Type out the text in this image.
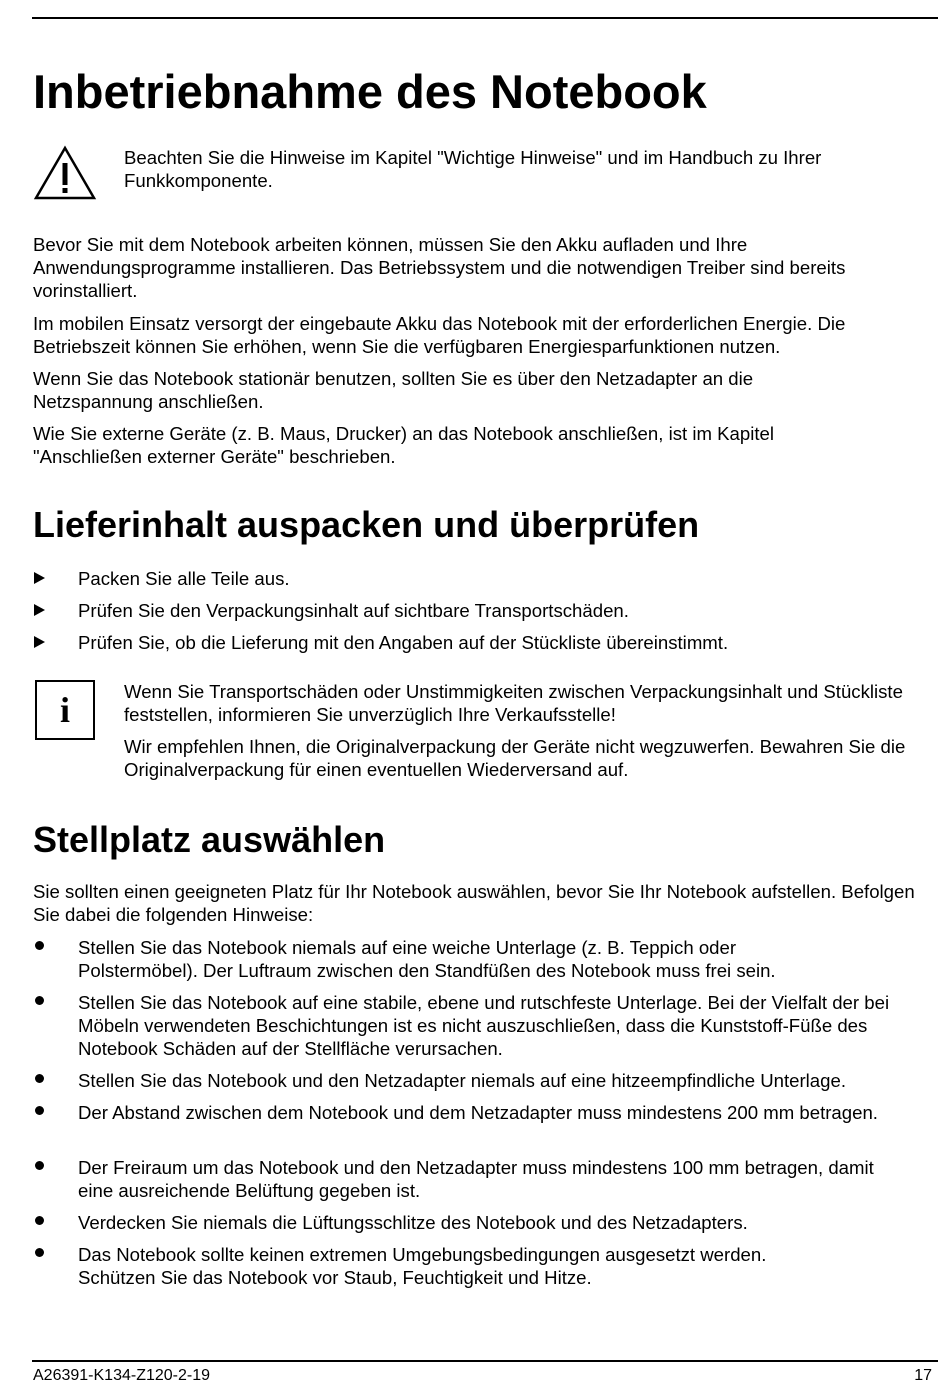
Inbetriebnahme des Notebook
Beachten Sie die Hinweise im Kapitel "Wichtige Hinweise" und im Handbuch zu Ihrer Funkkomponente.
Bevor Sie mit dem Notebook arbeiten können, müssen Sie den Akku aufladen und Ihre Anwendungsprogramme installieren. Das Betriebssystem und die notwendigen Treiber sind bereits vorinstalliert.
Im mobilen Einsatz versorgt der eingebaute Akku das Notebook mit der erforderlichen Energie. Die Betriebszeit können Sie erhöhen, wenn Sie die verfügbaren Energiesparfunktionen nutzen.
Wenn Sie das Notebook stationär benutzen, sollten Sie es über den Netzadapter an die Netzspannung anschließen.
Wie Sie externe Geräte (z. B. Maus, Drucker) an das Notebook anschließen, ist im Kapitel "Anschließen externer Geräte" beschrieben.
Lieferinhalt auspacken und überprüfen
Packen Sie alle Teile aus.
Prüfen Sie den Verpackungsinhalt auf sichtbare Transportschäden.
Prüfen Sie, ob die Lieferung mit den Angaben auf der Stückliste übereinstimmt.
i	Wenn Sie Transportschäden oder Unstimmigkeiten zwischen Verpackungsinhalt und Stückliste feststellen, informieren Sie unverzüglich Ihre Verkaufsstelle!
Wir empfehlen Ihnen, die Originalverpackung der Geräte nicht wegzuwerfen. Bewahren Sie die Originalverpackung für einen eventuellen Wiederversand auf.
Stellplatz auswählen
Sie sollten einen geeigneten Platz für Ihr Notebook auswählen, bevor Sie Ihr Notebook aufstellen. Befolgen Sie dabei die folgenden Hinweise:
Stellen Sie das Notebook niemals auf eine weiche Unterlage (z. B. Teppich oder Polstermöbel). Der Luftraum zwischen den Standfüßen des Notebook muss frei sein.
Stellen Sie das Notebook auf eine stabile, ebene und rutschfeste Unterlage. Bei der Vielfalt der bei Möbeln verwendeten Beschichtungen ist es nicht auszuschließen, dass die Kunststoff-Füße des Notebook Schäden auf der Stellfläche verursachen.
Stellen Sie das Notebook und den Netzadapter niemals auf eine hitzeempfindliche Unterlage.
Der Abstand zwischen dem Notebook und dem Netzadapter muss mindestens 200 mm betragen.
Der Freiraum um das Notebook und den Netzadapter muss mindestens 100 mm betragen, damit eine ausreichende Belüftung gegeben ist.
Verdecken Sie niemals die Lüftungsschlitze des Notebook und des Netzadapters.
Das Notebook sollte keinen extremen Umgebungsbedingungen ausgesetzt werden. Schützen Sie das Notebook vor Staub, Feuchtigkeit und Hitze.
A26391-K134-Z120-2-19	17
